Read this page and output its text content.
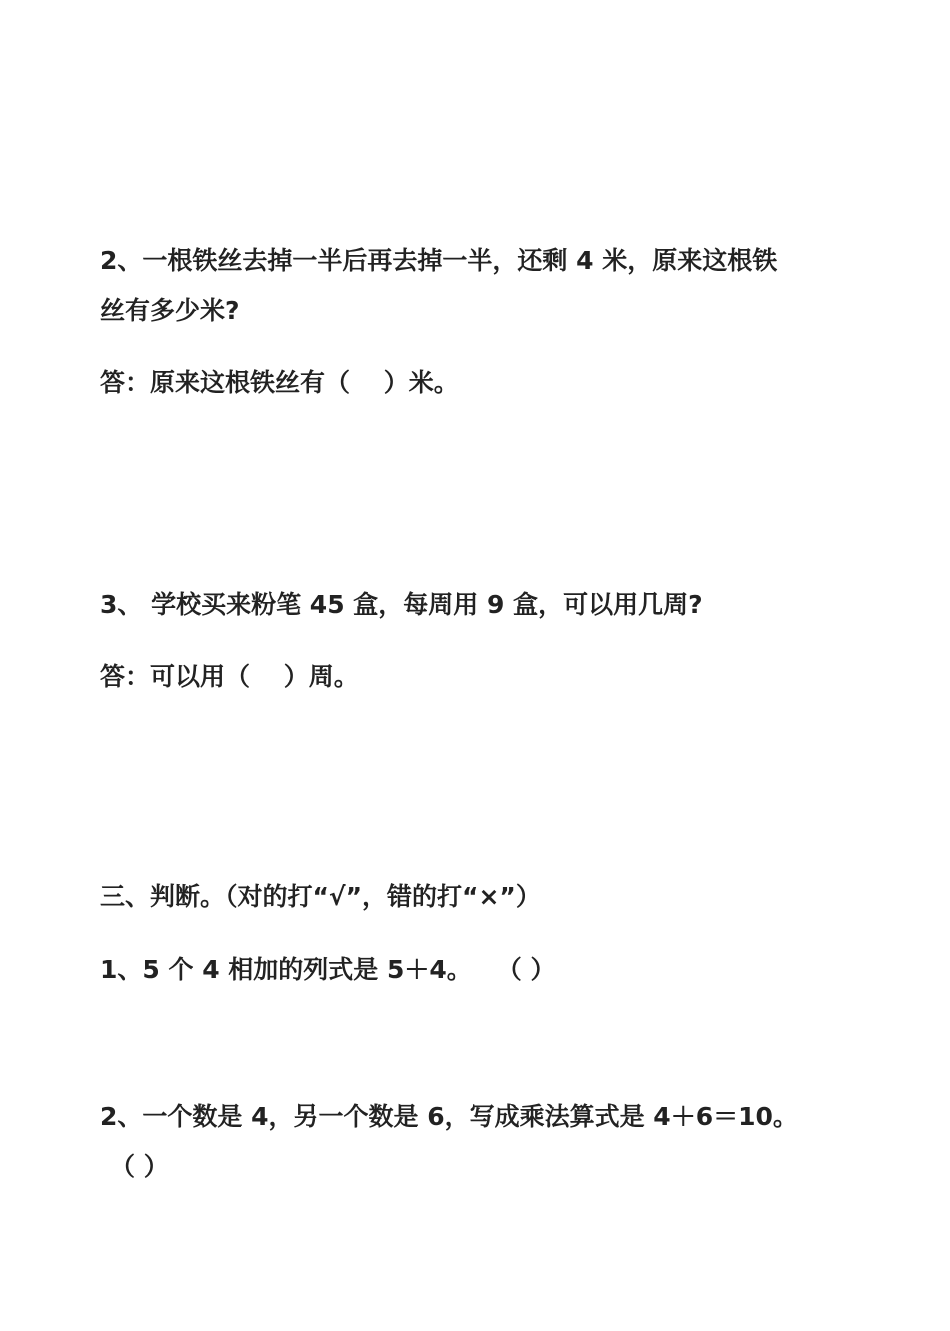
2、一根铁丝去掉一半后再去掉一半，还剩 4 米，原来这根铁
丝有多少米?
答：原来这根铁丝有（　 ）米。
3、 学校买来粉笔 45 盒，每周用 9 盒，可以用几周?
答：可以用（　 ）周。
三、判断。（对的打“√”，错的打“×”）
1、5 个 4 相加的列式是 5＋4。　　（ ）
2、一个数是 4，另一个数是 6，写成乘法算式是 4＋6＝10。
（ ）
